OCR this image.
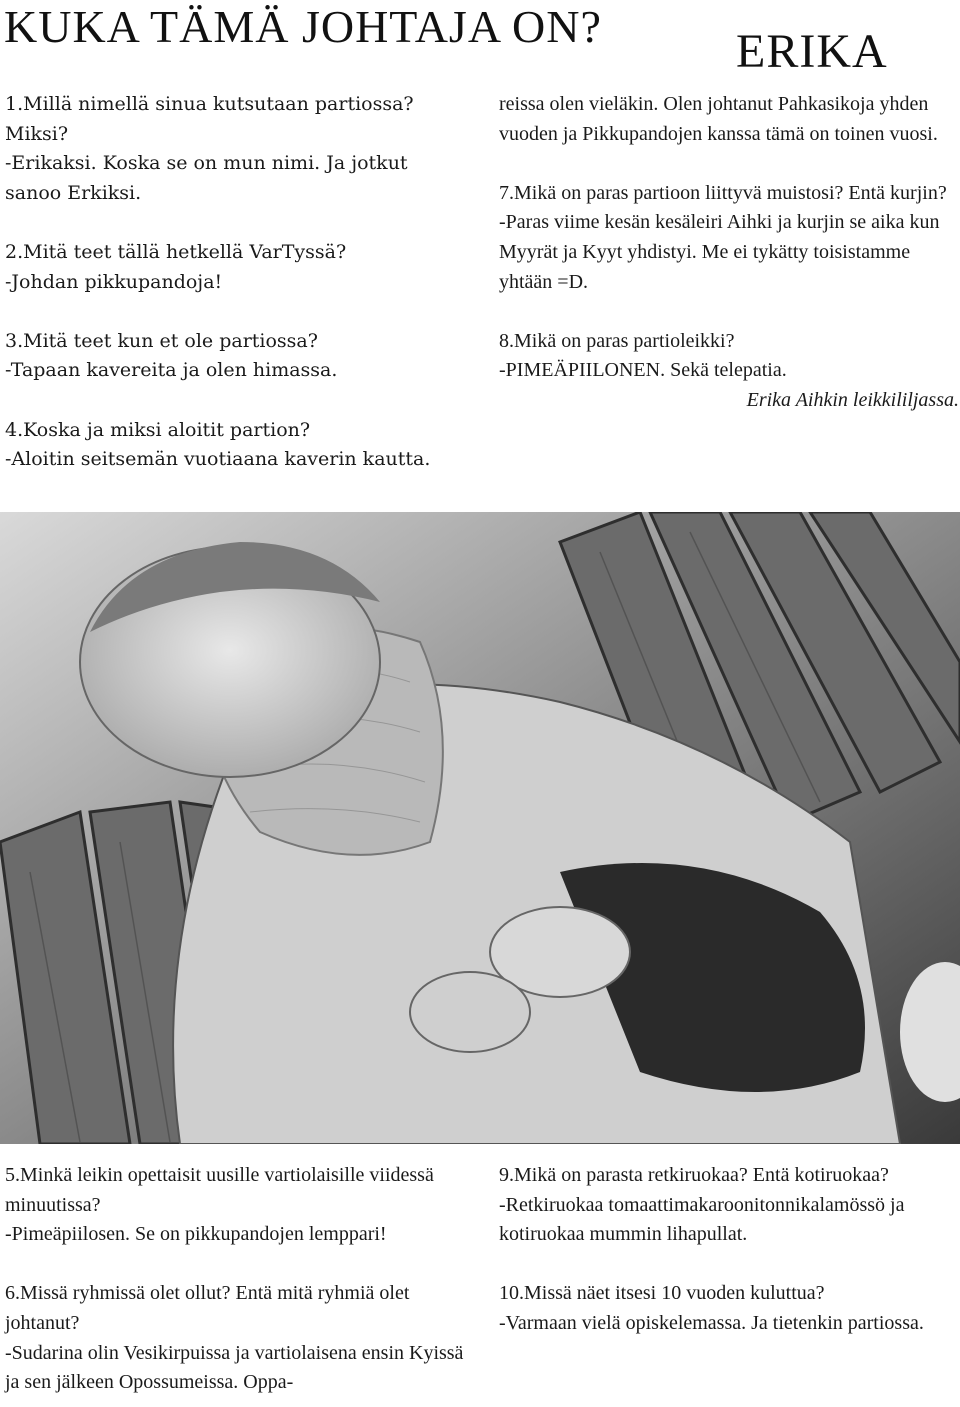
KUKA TÄMÄ JOHTAJA ON?	ERIKA

1.Millä nimellä sinua kutsutaan partiossa? Miksi?

-Erikaksi. Koska se on mun nimi. Ja jotkut sanoo Erkiksi.

2.Mitä teet tällä hetkellä VarTyssä?

-Johdan pikkupandoja!

3.Mitä teet kun et ole partiossa?

-Tapaan kavereita ja olen himassa.

4.Koska ja miksi aloitit partion?

-Aloitin seitsemän vuotiaana kaverin kautta.

reissa olen vieläkin. Olen johtanut Pahkasikoja yhden vuoden ja Pikkupandojen kanssa tämä on toinen vuosi.

7.Mikä on paras partioon liittyvä muistosi? Entä kurjin?

-Paras viime kesän kesäleiri Aihki ja kurjin se aika kun Myyrät ja Kyyt yhdistyi. Me ei tykätty toisistamme yhtään =D.

8.Mikä on paras partioleikki?

-PIMEÄPIILONEN. Sekä telepatia.

Erika Aihkin leikkililjassa.

5.Minkä leikin opettaisit uusille vartiolaisille viidessä minuutissa?

-Pimeäpiilosen. Se on pikkupandojen lemppari!

6.Missä ryhmissä olet ollut? Entä mitä ryhmiä olet johtanut?

-Sudarina olin Vesikirpuissa ja vartiolaisena ensin Kyissä ja sen jälkeen Opossumeissa. Oppa-

9.Mikä on parasta retkiruokaa? Entä kotiruokaa?

-Retkiruokaa tomaattimakaroonitonnikalamössö ja kotiruokaa mummin lihapullat.

10.Missä näet itsesi 10 vuoden kuluttua?

-Varmaan vielä opiskelemassa. Ja tietenkin partiossa.
